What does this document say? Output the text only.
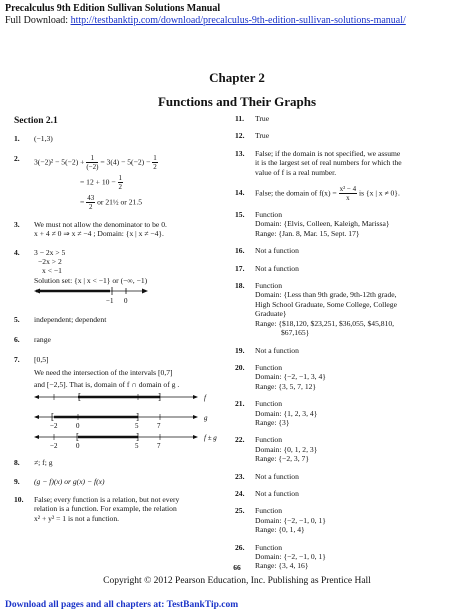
Precalculus 9th Edition Sullivan Solutions Manual
Full Download: http://testbanktip.com/download/precalculus-9th-edition-sullivan-solutions-manual/
Chapter 2
Functions and Their Graphs
Section 2.1
1. (−1,3)
2. $3(-2)^2 - 5(-2) + \frac{1}{(-2)} = 3(4) - 5(-2) - \frac{1}{2}$
= $12 + 10 - \frac{1}{2}$
= $\frac{43}{2}$ or 21½ or 21.5
3. We must not allow the denominator to be 0.
x + 4 ≠ 0 ⇒ x ≠ −4 ; Domain: {x | x ≠ −4}.
4. 3 − 2x > 5
−2x > 2
x < −1
Solution set: {x | x < −1} or (−∞, −1)
−1 0
5. independent; dependent
6. range
7. [0,5]
We need the intersection of the intervals [0,7]
and [−2,5]. That is, domain of f ∩ domain of g .
[	]	f
[	]	g
−2	0	5	7
[	]	f ± g
−2	0	5	7
8. ≠; f; g
9. (g − f)(x) or g(x) − f(x)
10. False; every function is a relation, but not every
relation is a function. For example, the relation
x² + y² = 1 is not a function.
11. True
12. True
13. False; if the domain is not specified, we assume
it is the largest set of real numbers for which the
value of f is a real number.
14. False; the domain of $f(x) = \frac{\text{x² − 4}}{x}$ is {x | x ≠ 0}.
15. Function
Domain: {Elvis, Colleen, Kaleigh, Marissa}
Range: {Jan. 8, Mar. 15, Sept. 17}
16. Not a function
17. Not a function
18. Function
Domain: {Less than 9th grade, 9th-12th grade,
High School Graduate, Some College, College
Graduate}
Range: {$18,120, $23,251, $36,055, $45,810,
$67,165}
19. Not a function
20. Function
Domain: {−2, −1, 3, 4}
Range: {3, 5, 7, 12}
21. Function
Domain: {1, 2, 3, 4}
Range: {3}
22. Function
Domain: {0, 1, 2, 3}
Range: {−2, 3, 7}
23. Not a function
24. Not a function
25. Function
Domain: {−2, −1, 0, 1}
Range: {0, 1, 4}
26. Function
Domain: {−2, −1, 0, 1}
Range: {3, 4, 16}
66
Copyright © 2012 Pearson Education, Inc. Publishing as Prentice Hall
Download all pages and all chapters at: TestBankTip.com
